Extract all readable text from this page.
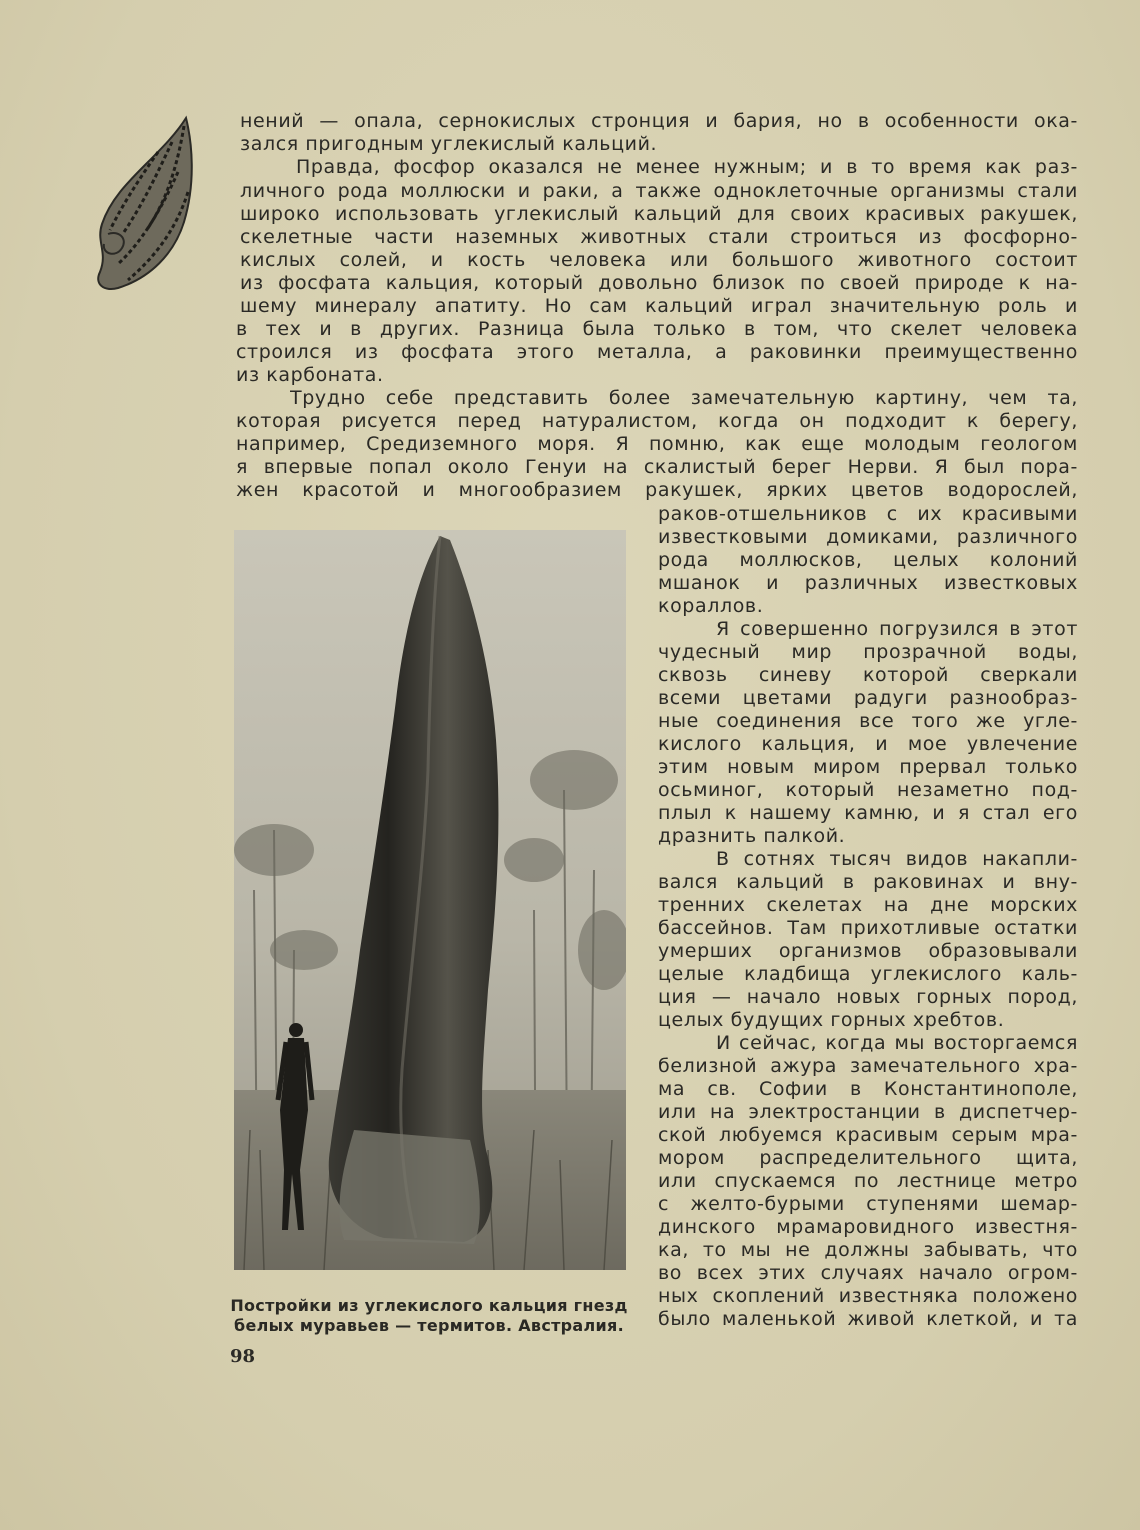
нений — опала, сернокислых стронция и бария, но в особенности ока-
зался пригодным углекислый кальций.
Правда, фосфор оказался не менее нужным; и в то время как раз-
личного рода моллюски и раки, а также одноклеточные организмы стали
широко использовать углекислый кальций для своих красивых ракушек,
скелетные части наземных животных стали строиться из фосфорно-
кислых солей, и кость человека или большого животного состоит
из фосфата кальция, который довольно близок по своей природе к на-
шему минералу апатиту. Но сам кальций играл значительную роль и
в тех и в других. Разница была только в том, что скелет человека
строился из фосфата этого металла, а раковинки преимущественно
из карбоната.
Трудно себе представить более замечательную картину, чем та,
которая рисуется перед натуралистом, когда он подходит к берегу,
например, Средиземного моря. Я помню, как еще молодым геологом
я впервые попал около Генуи на скалистый берег Нерви. Я был пора-
жен красотой и многообразием ракушек, ярких цветов водорослей,
раков-отшельников с их красивыми
известковыми домиками, различного
рода моллюсков, целых колоний
мшанок и различных известковых
кораллов.
Я совершенно погрузился в этот
чудесный мир прозрачной воды,
сквозь синеву которой сверкали
всеми цветами радуги разнообраз-
ные соединения все того же угле-
кислого кальция, и мое увлечение
этим новым миром прервал только
осьминог, который незаметно под-
плыл к нашему камню, и я стал его
дразнить палкой.
В сотнях тысяч видов накапли-
вался кальций в раковинах и вну-
тренних скелетах на дне морских
бассейнов. Там прихотливые остатки
умерших организмов образовывали
целые кладбища углекислого каль-
ция — начало новых горных пород,
целых будущих горных хребтов.
И сейчас, когда мы восторгаемся
белизной ажура замечательного хра-
ма св. Софии в Константинополе,
или на электростанции в диспетчер-
ской любуемся красивым серым мра-
мором распределительного щита,
или спускаемся по лестнице метро
с желто-бурыми ступенями шемар-
динского мрамаровидного известня-
ка, то мы не должны забывать, что
во всех этих случаях начало огром-
ных скоплений известняка положено
было маленькой живой клеткой, и та
Постройки из углекислого кальция гнезд
белых муравьев — термитов. Австралия.
98
